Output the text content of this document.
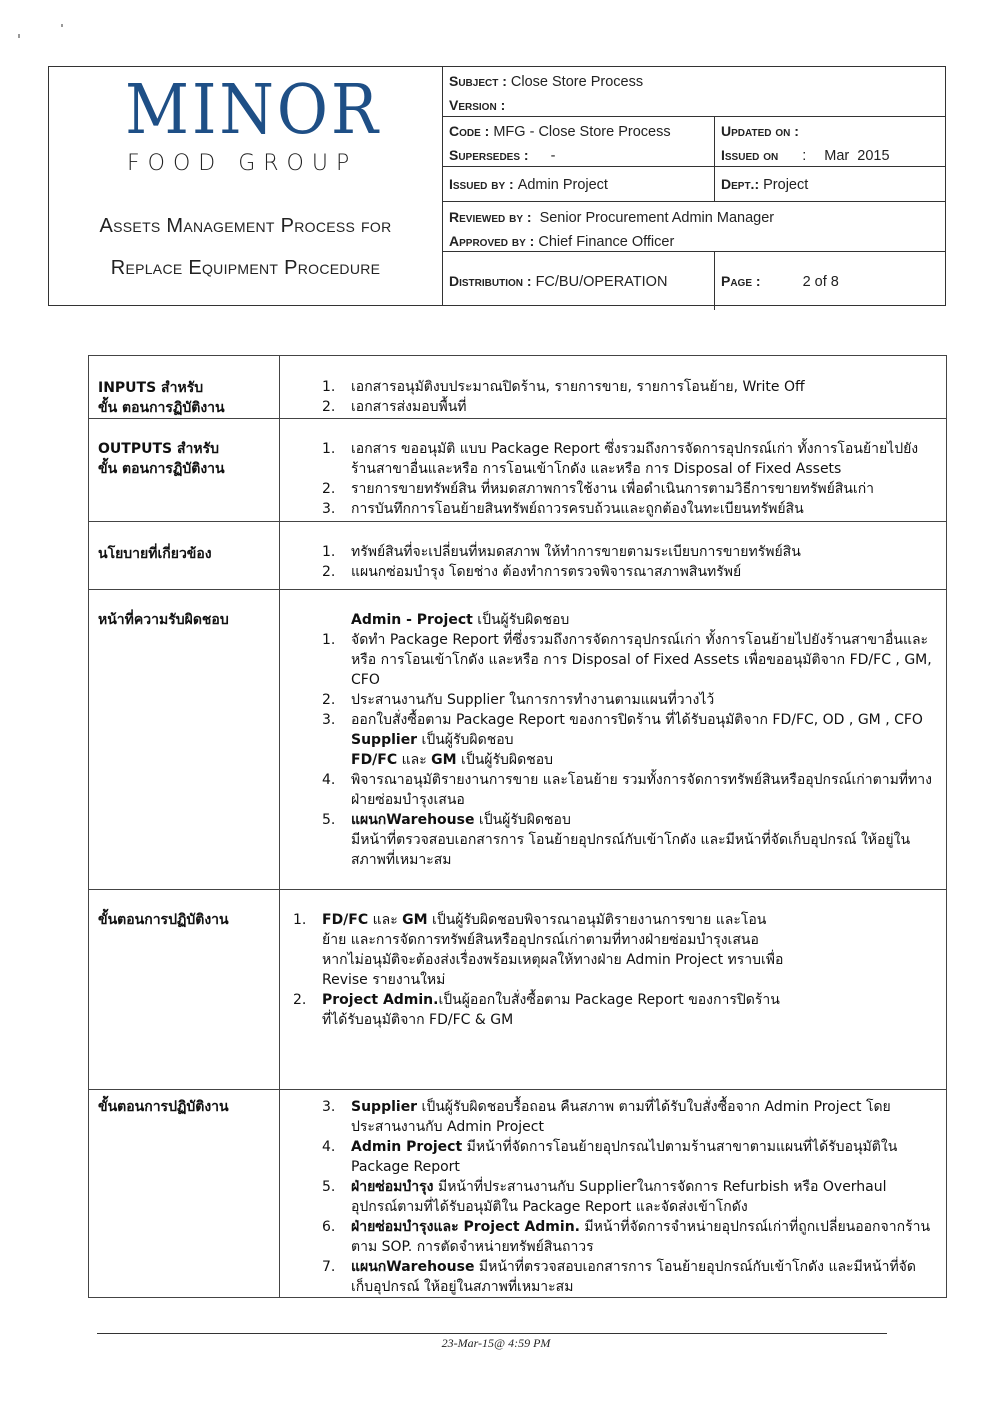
MINOR
FOOD GROUP
Assets Management Process for
Replace Equipment Procedure
Subject : Close Store Process
Version :
Code : MFG - Close Store Process
Supersedes : -
Updated on :
Issued on : Mar  2015
Issued by : Admin Project	Dept.: Project
Reviewed by : Senior Procurement Admin Manager
Approved by : Chief Finance Officer
Distribution : FC/BU/OPERATION	Page :	2 of 8
INPUTS สำหรับ
ขั้น ตอนการฏิบัติงาน

1. เอกสารอนุมัติงบประมาณปิดร้าน, รายการขาย, รายการโอนย้าย, Write Off
2. เอกสารส่งมอบพื้นที่

OUTPUTS สำหรับ
ขั้น ตอนการฏิบัติงาน

1. เอกสาร ขออนุมัติ แบบ Package Report ซึ่งรวมถึงการจัดการอุปกรณ์เก่า ทั้งการโอนย้ายไปยังร้านสาขาอื่นและหรือ การโอนเข้าโกดัง และหรือ การ Disposal of Fixed Assets
2. รายการขายทรัพย์สิน ที่หมดสภาพการใช้งาน เพื่อดำเนินการตามวิธีการขายทรัพย์สินเก่า
3. การบันทึกการโอนย้ายสินทรัพย์ถาวรครบถ้วนและถูกต้องในทะเบียนทรัพย์สิน

นโยบายที่เกี่ยวข้อง	1. ทรัพย์สินที่จะเปลี่ยนที่หมดสภาพ ให้ทำการขายตามระเบียบการขายทรัพย์สิน
2. แผนกซ่อมบำรุง โดยช่าง ต้องทำการตรวจพิจารณาสภาพสินทรัพย์

หน้าที่ความรับผิดชอบ	Admin - Project เป็นผู้รับผิดชอบ
1. จัดทำ Package Report ที่ซึ่งรวมถึงการจัดการอุปกรณ์เก่า ทั้งการโอนย้ายไปยังร้านสาขาอื่นและหรือ การโอนเข้าโกดัง และหรือ การ Disposal of Fixed Assets เพื่อขออนุมัติจาก FD/FC , GM, CFO
2. ประสานงานกับ Supplier ในการการทำงานตามแผนที่วางไว้
3. ออกใบสั่งซื้อตาม Package Report ของการปิดร้าน ที่ได้รับอนุมัติจาก FD/FC, OD , GM , CFO Supplier เป็นผู้รับผิดชอบ
FD/FC และ GM เป็นผู้รับผิดชอบ
4. พิจารณาอนุมัติรายงานการขาย และโอนย้าย รวมทั้งการจัดการทรัพย์สินหรืออุปกรณ์เก่าตามที่ทางฝ่ายซ่อมบำรุงเสนอ
5. แผนกWarehouse เป็นผู้รับผิดชอบ
มีหน้าที่ตรวจสอบเอกสารการ โอนย้ายอุปกรณ์กับเข้าโกดัง และมีหน้าที่จัดเก็บอุปกรณ์ ให้อยู่ในสภาพที่เหมาะสม

ขั้นตอนการปฏิบัติงาน	1. FD/FC และ GM เป็นผู้รับผิดชอบพิจารณาอนุมัติรายงานการขาย และโอนย้าย และการจัดการทรัพย์สินหรืออุปกรณ์เก่าตามที่ทางฝ่ายซ่อมบำรุงเสนอ หากไม่อนุมัติจะต้องส่งเรื่องพร้อมเหตุผลให้ทางฝ่าย Admin Project ทราบเพื่อ Revise รายงานใหม่
2. Project Admin.เป็นผู้ออกใบสั่งซื้อตาม Package Report ของการปิดร้าน ที่ได้รับอนุมัติจาก FD/FC & GM

ขั้นตอนการปฏิบัติงาน	3. Supplier เป็นผู้รับผิดชอบรื้อถอน คืนสภาพ ตามที่ได้รับใบสั่งซื้อจาก Admin Project โดยประสานงานกับ Admin Project
4. Admin Project มีหน้าที่จัดการโอนย้ายอุปกรณไปตามร้านสาขาตามแผนที่ได้รับอนุมัติใน Package Report
5. ฝ่ายซ่อมบำรุง มีหน้าที่ประสานงานกับ Supplierในการจัดการ Refurbish หรือ Overhaul อุปกรณ์ตามที่ได้รับอนุมัติใน Package Report และจัดส่งเข้าโกดัง
6. ฝ่ายซ่อมบำรุงและ Project Admin. มีหน้าที่จัดการจำหน่ายอุปกรณ์เก่าที่ถูกเปลี่ยนออกจากร้าน ตาม SOP. การตัดจำหน่ายทรัพย์สินถาวร
7. แผนกWarehouse มีหน้าที่ตรวจสอบเอกสารการ โอนย้ายอุปกรณ์กับเข้าโกดัง และมีหน้าที่จัดเก็บอุปกรณ์ ให้อยู่ในสภาพที่เหมาะสม
23-Mar-15@ 4:59 PM
